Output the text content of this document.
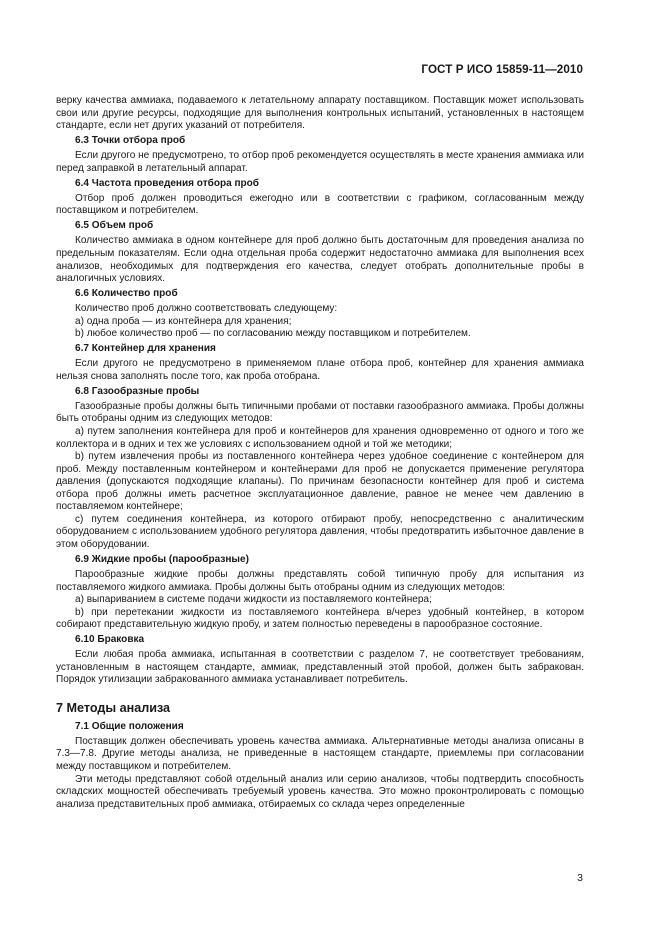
ГОСТ Р ИСО 15859-11—2010

верку качества аммиака, подаваемого к летательному аппарату поставщиком. Поставщик может использовать свои или другие ресурсы, подходящие для выполнения контрольных испытаний, установленных в настоящем стандарте, если нет других указаний от потребителя.

6.3 Точки отбора проб

Если другого не предусмотрено, то отбор проб рекомендуется осуществлять в месте хранения аммиака или перед заправкой в летательный аппарат.

6.4 Частота проведения отбора проб

Отбор проб должен проводиться ежегодно или в соответствии с графиком, согласованным между поставщиком и потребителем.

6.5 Объем проб

Количество аммиака в одном контейнере для проб должно быть достаточным для проведения анализа по предельным показателям. Если одна отдельная проба содержит недостаточно аммиака для выполнения всех анализов, необходимых для подтверждения его качества, следует отобрать дополнительные пробы в аналогичных условиях.

6.6 Количество проб

Количество проб должно соответствовать следующему:

а) одна проба — из контейнера для хранения;

b) любое количество проб — по согласованию между поставщиком и потребителем.

6.7 Контейнер для хранения

Если другого не предусмотрено в применяемом плане отбора проб, контейнер для хранения аммиака нельзя снова заполнять после того, как проба отобрана.

6.8 Газообразные пробы

Газообразные пробы должны быть типичными пробами от поставки газообразного аммиака. Пробы должны быть отобраны одним из следующих методов:

а) путем заполнения контейнера для проб и контейнеров для хранения одновременно от одного и того же коллектора и в одних и тех же условиях с использованием одной и той же методики;

b) путем извлечения пробы из поставленного контейнера через удобное соединение с контейнером для проб. Между поставленным контейнером и контейнерами для проб не допускается применение регулятора давления (допускаются подходящие клапаны). По причинам безопасности контейнер для проб и система отбора проб должны иметь расчетное эксплуатационное давление, равное не менее чем давлению в поставляемом контейнере;

с) путем соединения контейнера, из которого отбирают пробу, непосредственно с аналитическим оборудованием с использованием удобного регулятора давления, чтобы предотвратить избыточное давление в этом оборудовании.

6.9 Жидкие пробы (парообразные)

Парообразные жидкие пробы должны представлять собой типичную пробу для испытания из поставляемого жидкого аммиака. Пробы должны быть отобраны одним из следующих методов:

а) выпариванием в системе подачи жидкости из поставляемого контейнера;

b) при перетекании жидкости из поставляемого контейнера в/через удобный контейнер, в котором собирают представительную жидкую пробу, и затем полностью переведены в парообразное состояние.

6.10 Браковка

Если любая проба аммиака, испытанная в соответствии с разделом 7, не соответствует требованиям, установленным в настоящем стандарте, аммиак, представленный этой пробой, должен быть забракован. Порядок утилизации забракованного аммиака устанавливает потребитель.

7 Методы анализа

7.1 Общие положения

Поставщик должен обеспечивать уровень качества аммиака. Альтернативные методы анализа описаны в 7.3—7.8. Другие методы анализа, не приведенные в настоящем стандарте, приемлемы при согласовании между поставщиком и потребителем.

Эти методы представляют собой отдельный анализ или серию анализов, чтобы подтвердить способность складских мощностей обеспечивать требуемый уровень качества. Это можно проконтролировать с помощью анализа представительных проб аммиака, отбираемых со склада через определенные

3
